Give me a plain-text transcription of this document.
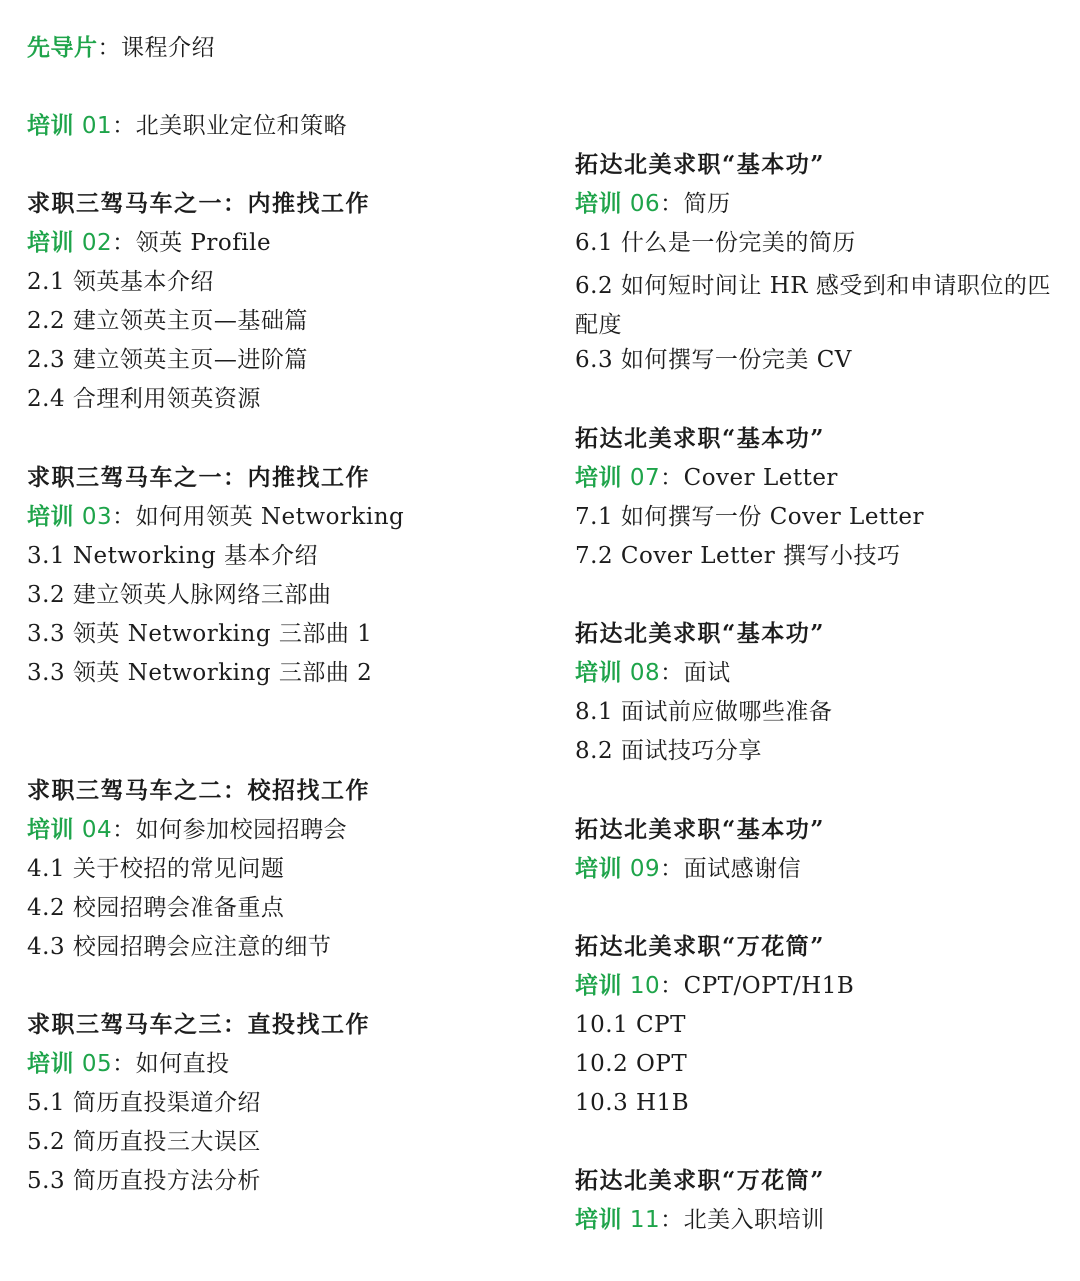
先导片：课程介绍
培训 01：北美职业定位和策略
求职三驾马车之一：内推找工作
培训 02：领英 Profile
2.1 领英基本介绍
2.2 建立领英主页—基础篇
2.3 建立领英主页—进阶篇
2.4 合理利用领英资源
求职三驾马车之一：内推找工作
培训 03：如何用领英 Networking
3.1 Networking 基本介绍
3.2 建立领英人脉网络三部曲
3.3 领英 Networking 三部曲 1
3.3 领英 Networking 三部曲 2
求职三驾马车之二：校招找工作
培训 04：如何参加校园招聘会
4.1 关于校招的常见问题
4.2 校园招聘会准备重点
4.3 校园招聘会应注意的细节
求职三驾马车之三：直投找工作
培训 05：如何直投
5.1 简历直投渠道介绍
5.2 简历直投三大误区
5.3 简历直投方法分析
拓达北美求职“基本功”
培训 06：简历
6.1 什么是一份完美的简历
6.2 如何短时间让 HR 感受到和申请职位的匹配度
6.3 如何撰写一份完美 CV
拓达北美求职“基本功”
培训 07：Cover Letter
7.1 如何撰写一份 Cover Letter
7.2 Cover Letter 撰写小技巧
拓达北美求职“基本功”
培训 08：面试
8.1 面试前应做哪些准备
8.2 面试技巧分享
拓达北美求职“基本功”
培训 09：面试感谢信
拓达北美求职“万花筒”
培训 10：CPT/OPT/H1B
10.1 CPT
10.2 OPT
10.3 H1B
拓达北美求职“万花筒”
培训 11：北美入职培训
